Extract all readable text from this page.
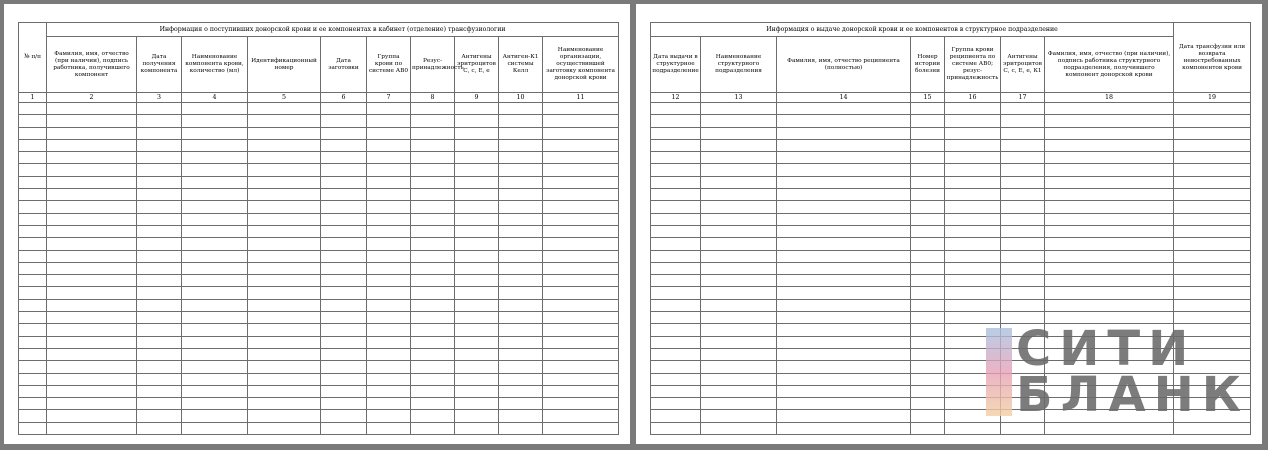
№ п/п	Информация о поступивших донорской крови и ее компонентах в кабинет (отделение) трансфузиологии									
	Фамилия, имя, отчество (при наличии), подпись работника, получившего компонент	Дата получения компонента	Наименование компонента крови, количество (мл)	Идентификационный номер	Дата заготовки	Группа крови по системе АВ0	Резус-принадлежность	Антигены эритроцитов С, с, Е, е	Антиген-К1 системы Келл	Наименование организации, осуществившей заготовку компонента донорской крови
1	2	3	4	5	6	7	8	9	10	11

Информация о выдаче донорской крови и ее компонентов в структурное подразделение							Дата трансфузии или возврата невостребованных компонентов крови
Дата выдачи в структурное подразделение	Наименование структурного подразделения	Фамилия, имя, отчество реципиента (полностью)	Номер истории болезни	Группа крови реципиента по системе АВ0; резус-принадлежность	Антигены эритроцитов С, с, Е, е, К1	Фамилия, имя, отчество (при наличии), подпись работника структурного подразделения, получившего компонент донорской крови	
12	13	14	15	16	17	18	19

СИТИ
БЛАНК
